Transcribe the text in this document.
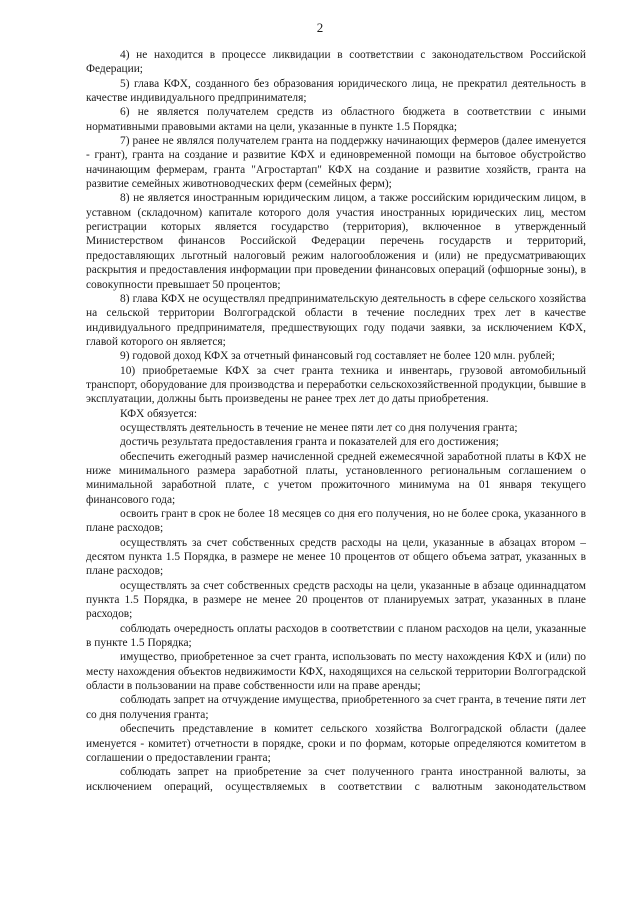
2

4) не находится в процессе ликвидации в соответствии с законодательством Российской Федерации;

5) глава КФХ, созданного без образования юридического лица, не прекратил деятельность в качестве индивидуального предпринимателя;

6) не является получателем средств из областного бюджета в соответствии с иными нормативными правовыми актами на цели, указанные в пункте 1.5 Порядка;

7) ранее не являлся получателем гранта на поддержку начинающих фермеров (далее именуется - грант), гранта на создание и развитие КФХ и единовременной помощи на бытовое обустройство начинающим фермерам, гранта "Агростартап" КФХ на создание и развитие хозяйств, гранта на развитие семейных животноводческих ферм (семейных ферм);

8) не является иностранным юридическим лицом, а также российским юридическим лицом, в уставном (складочном) капитале которого доля участия иностранных юридических лиц, местом регистрации которых является государство (территория), включенное в утвержденный Министерством финансов Российской Федерации перечень государств и территорий, предоставляющих льготный налоговый режим налогообложения и (или) не предусматривающих раскрытия и предоставления информации при проведении финансовых операций (офшорные зоны), в совокупности превышает 50 процентов;

8) глава КФХ не осуществлял предпринимательскую деятельность в сфере сельского хозяйства на сельской территории Волгоградской области в течение последних трех лет в качестве индивидуального предпринимателя, предшествующих году подачи заявки, за исключением КФХ, главой которого он является;

9) годовой доход КФХ за отчетный финансовый год составляет не более 120 млн. рублей;

10) приобретаемые КФХ за счет гранта техника и инвентарь, грузовой автомобильный транспорт, оборудование для производства и переработки сельскохозяйственной продукции, бывшие в эксплуатации, должны быть произведены не ранее трех лет до даты приобретения.

КФХ обязуется:

осуществлять деятельность в течение не менее пяти лет со дня получения гранта;

достичь результата предоставления гранта и показателей для его достижения;

обеспечить ежегодный размер начисленной средней ежемесячной заработной платы в КФХ не ниже минимального размера заработной платы, установленного региональным соглашением о минимальной заработной плате, с учетом прожиточного минимума на 01 января текущего финансового года;

освоить грант в срок не более 18 месяцев со дня его получения, но не более срока, указанного в плане расходов;

осуществлять за счет собственных средств расходы на цели, указанные в абзацах втором – десятом пункта 1.5 Порядка, в размере не менее 10 процентов от общего объема затрат, указанных в плане расходов;

осуществлять за счет собственных средств расходы на цели, указанные в абзаце одиннадцатом пункта 1.5 Порядка, в размере не менее 20 процентов от планируемых затрат, указанных в плане расходов;

соблюдать очередность оплаты расходов в соответствии с планом расходов на цели, указанные в пункте 1.5 Порядка;

имущество, приобретенное за счет гранта, использовать по месту нахождения КФХ и (или) по месту нахождения объектов недвижимости КФХ, находящихся на сельской территории Волгоградской области в пользовании на праве собственности или на праве аренды;

соблюдать запрет на отчуждение имущества, приобретенного за счет гранта, в течение пяти лет со дня получения гранта;

обеспечить представление в комитет сельского хозяйства Волгоградской области (далее именуется - комитет) отчетности в порядке, сроки и по формам, которые определяются комитетом в соглашении о предоставлении гранта;

соблюдать запрет на приобретение за счет полученного гранта иностранной валюты, за исключением операций, осуществляемых в соответствии с валютным законодательством
